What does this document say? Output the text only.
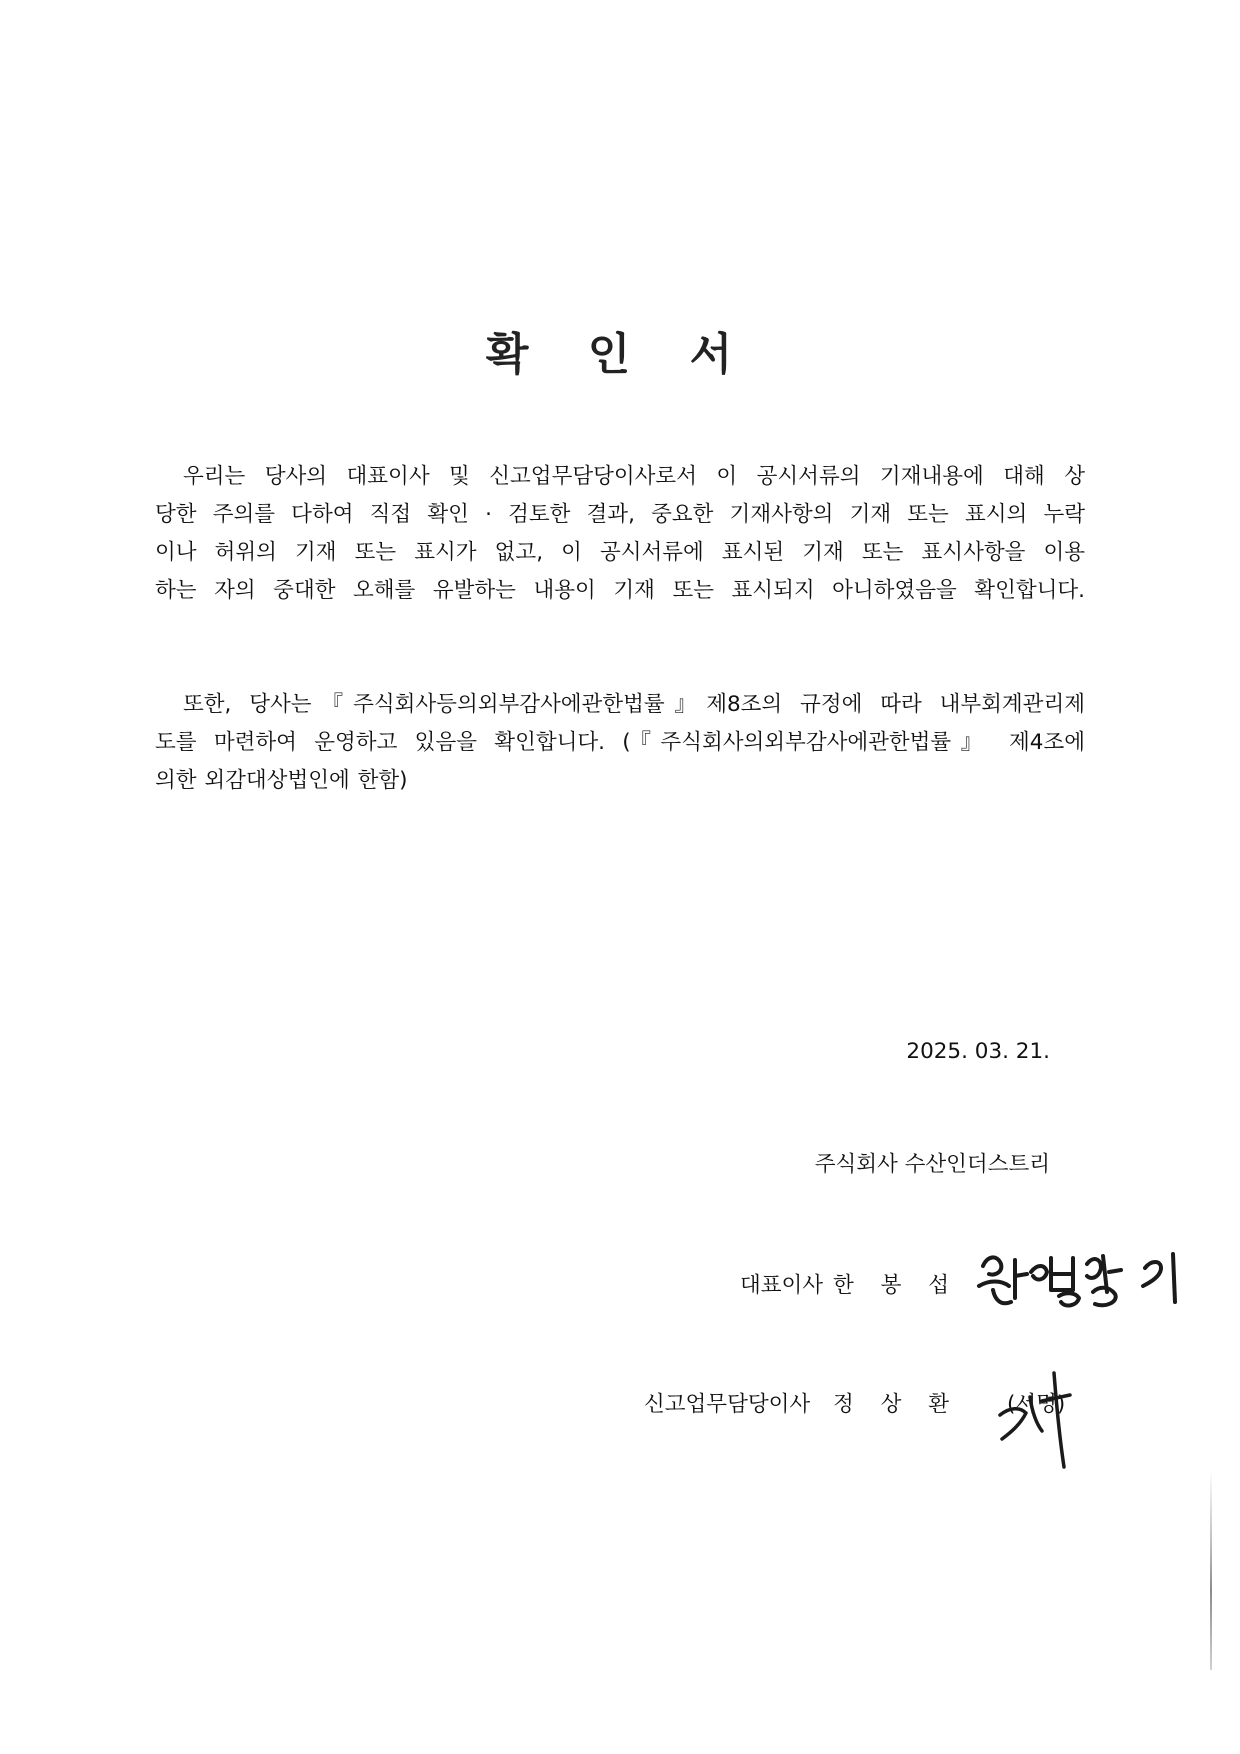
확 인 서
우리는 당사의 대표이사 및 신고업무담당이사로서 이 공시서류의 기재내용에 대해 상
당한 주의를 다하여 직접 확인 · 검토한 결과, 중요한 기재사항의 기재 또는 표시의 누락
이나 허위의 기재 또는 표시가 없고, 이 공시서류에 표시된 기재 또는 표시사항을 이용
하는 자의 중대한 오해를 유발하는 내용이 기재 또는 표시되지 아니하였음을 확인합니다.
또한, 당사는『주식회사등의외부감사에관한법률』제8조의 규정에 따라 내부회계관리제
도를 마련하여 운영하고 있음을 확인합니다. (『주식회사의외부감사에관한법률』 제4조에
의한 외감대상법인에 한함)
2025. 03. 21.
주식회사 수산인더스트리
대표이사 한 봉 섭
신고업무담당이사 정 상 환 (서명)
